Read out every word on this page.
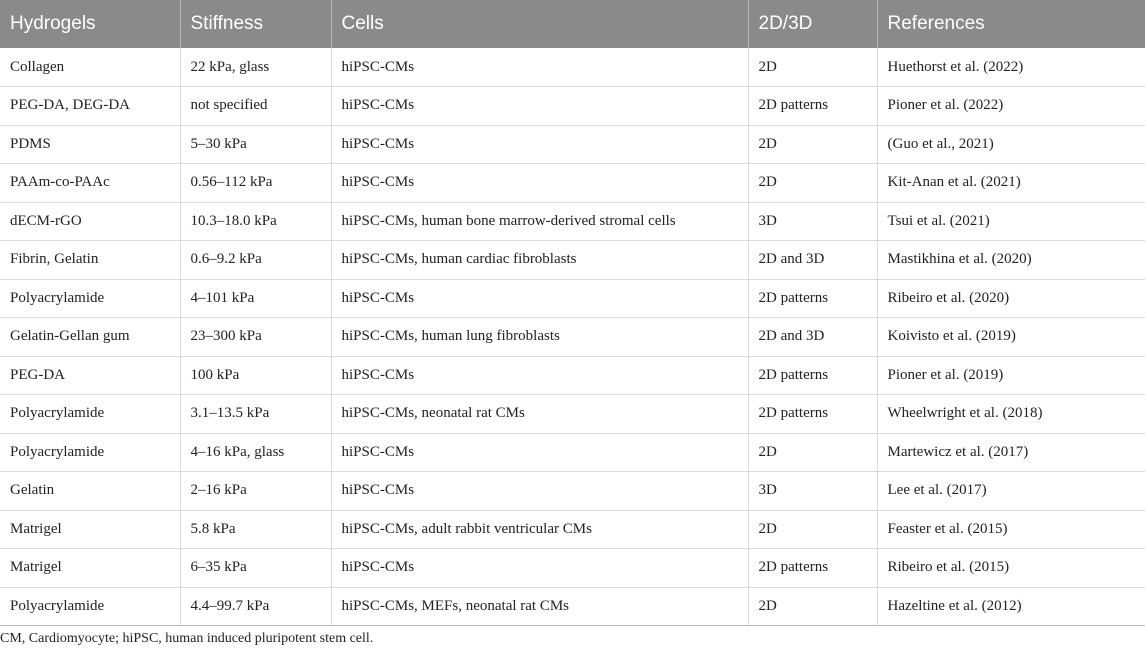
Hydrogels	Stiffness	Cells	2D/3D	References
Collagen	22 kPa, glass	hiPSC-CMs	2D	Huethorst et al. (2022)
PEG-DA, DEG-DA	not specified	hiPSC-CMs	2D patterns	Pioner et al. (2022)
PDMS	5–30 kPa	hiPSC-CMs	2D	(Guo et al., 2021)
PAAm-co-PAAc	0.56–112 kPa	hiPSC-CMs	2D	Kit-Anan et al. (2021)
dECM-rGO	10.3–18.0 kPa	hiPSC-CMs, human bone marrow-derived stromal cells	3D	Tsui et al. (2021)
Fibrin, Gelatin	0.6–9.2 kPa	hiPSC-CMs, human cardiac fibroblasts	2D and 3D	Mastikhina et al. (2020)
Polyacrylamide	4–101 kPa	hiPSC-CMs	2D patterns	Ribeiro et al. (2020)
Gelatin-Gellan gum	23–300 kPa	hiPSC-CMs, human lung fibroblasts	2D and 3D	Koivisto et al. (2019)
PEG-DA	100 kPa	hiPSC-CMs	2D patterns	Pioner et al. (2019)
Polyacrylamide	3.1–13.5 kPa	hiPSC-CMs, neonatal rat CMs	2D patterns	Wheelwright et al. (2018)
Polyacrylamide	4–16 kPa, glass	hiPSC-CMs	2D	Martewicz et al. (2017)
Gelatin	2–16 kPa	hiPSC-CMs	3D	Lee et al. (2017)
Matrigel	5.8 kPa	hiPSC-CMs, adult rabbit ventricular CMs	2D	Feaster et al. (2015)
Matrigel	6–35 kPa	hiPSC-CMs	2D patterns	Ribeiro et al. (2015)
Polyacrylamide	4.4–99.7 kPa	hiPSC-CMs, MEFs, neonatal rat CMs	2D	Hazeltine et al. (2012)
CM, Cardiomyocyte; hiPSC, human induced pluripotent stem cell.
